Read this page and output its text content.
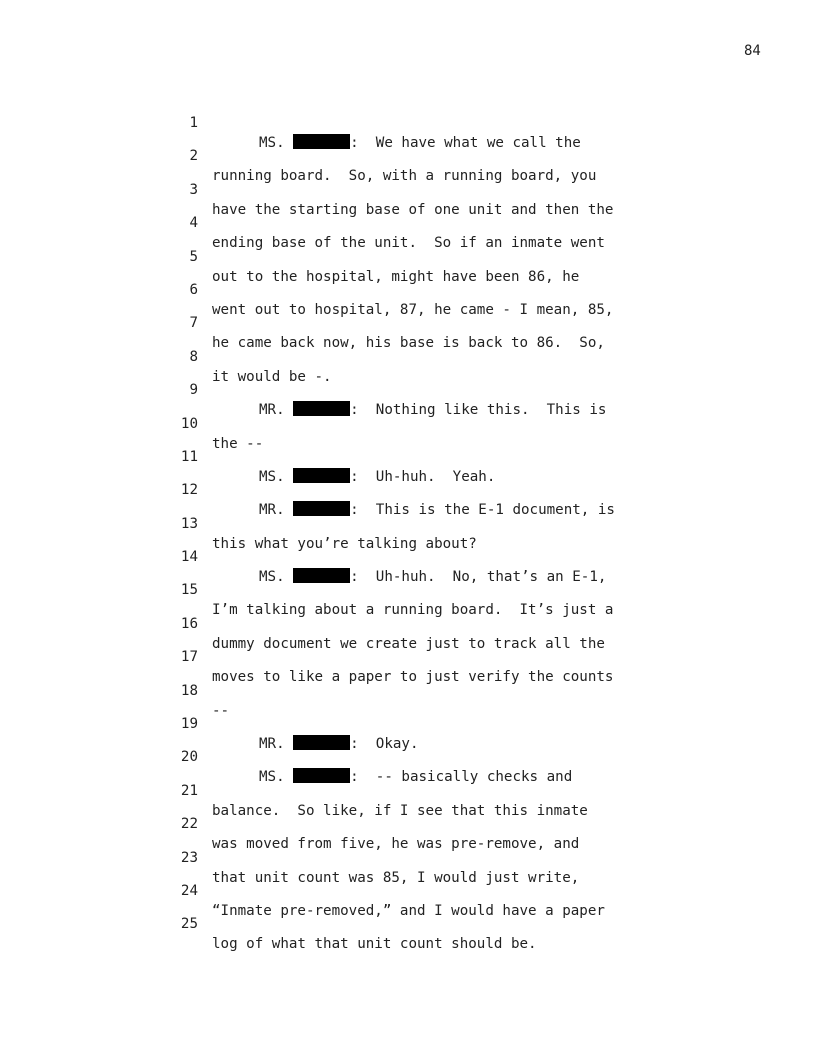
84

1

MS.	:  We have what we call the

2

running board.  So, with a running board, you

3

have the starting base of one unit and then the

4

ending base of the unit.  So if an inmate went

5

out to the hospital, might have been 86, he

6

went out to hospital, 87, he came - I mean, 85,

7

he came back now, his base is back to 86.  So,

8

it would be -.

9

MR.	:  Nothing like this.  This is

10

the --

11

MS.	:  Uh-huh.  Yeah.

12

MR.	:  This is the E-1 document, is

13

this what you’re talking about?

14

MS.	:  Uh-huh.  No, that’s an E-1,

15

I’m talking about a running board.  It’s just a

16

dummy document we create just to track all the

17

moves to like a paper to just verify the counts

18

--

19

MR.	:  Okay.

20

MS.	:  -- basically checks and

21

balance.  So like, if I see that this inmate

22

was moved from five, he was pre-remove, and

23

that unit count was 85, I would just write,

24

“Inmate pre-removed,” and I would have a paper

25

log of what that unit count should be.
